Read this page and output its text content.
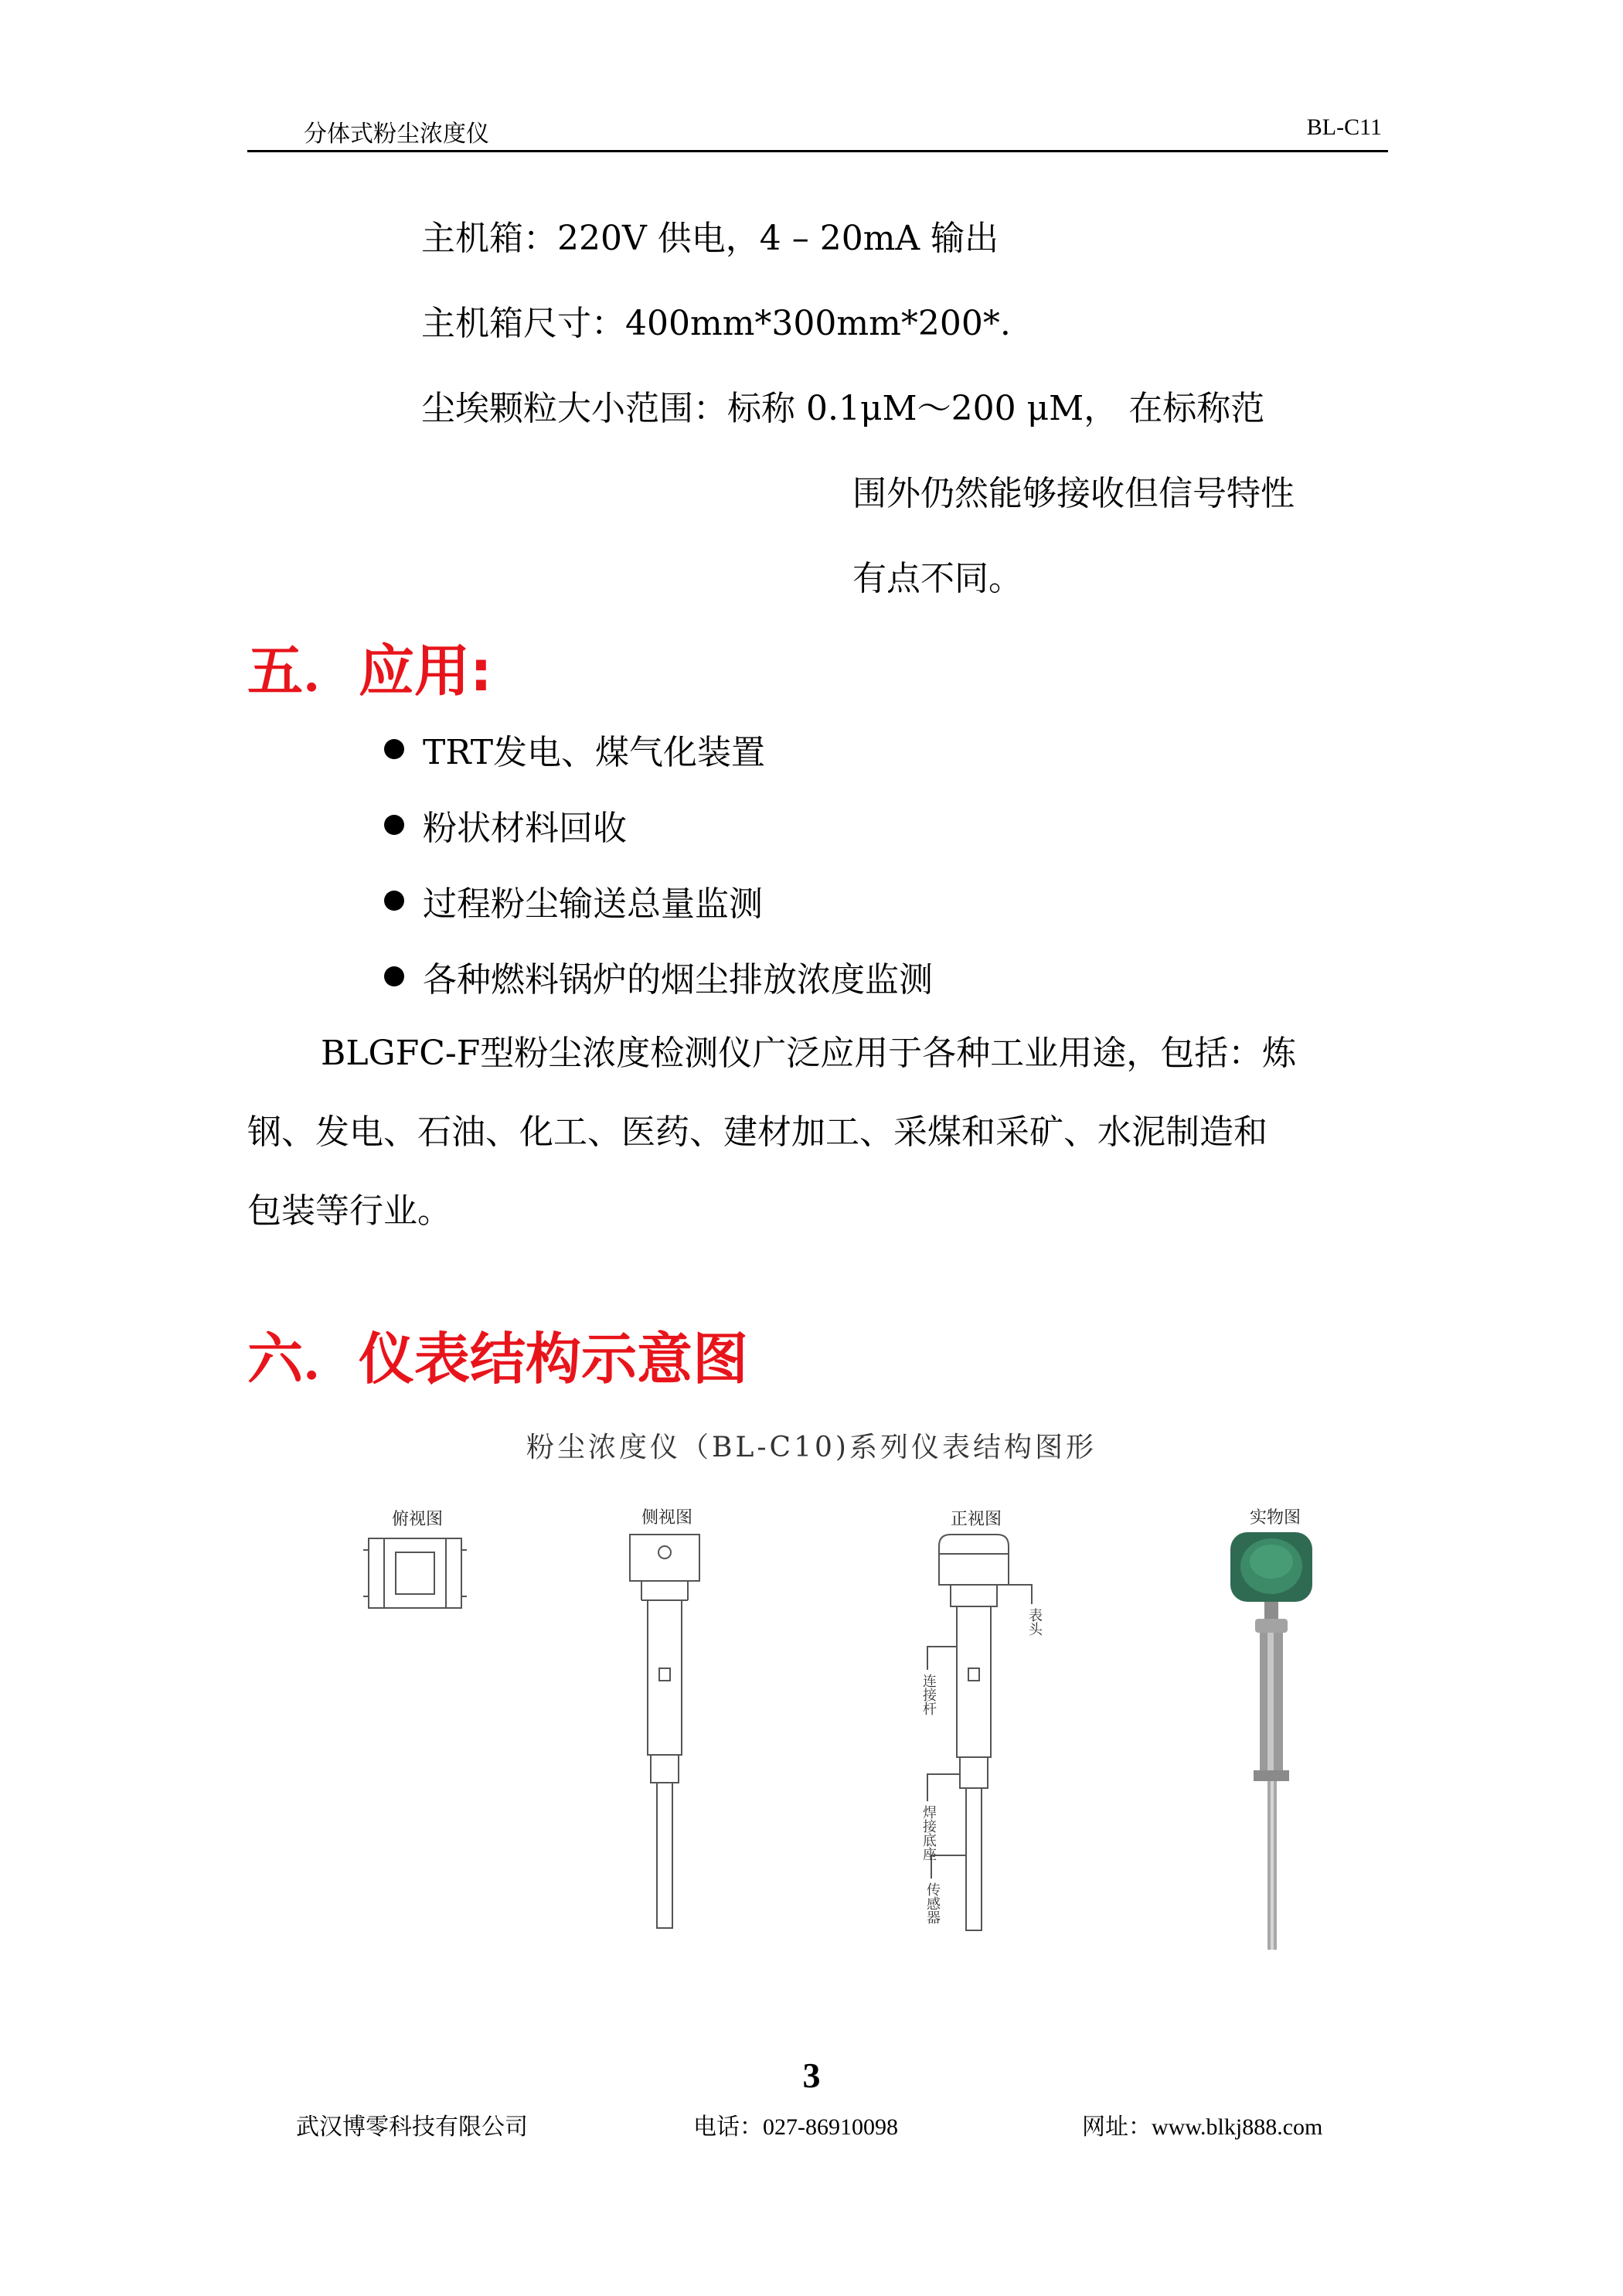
分体式粉尘浓度仪	BL-C11
主机箱：220V 供电，4 – 20mA 输出
主机箱尺寸：400mm*300mm*200*.
尘埃颗粒大小范围：标称 0.1μM～200 μM， 在标称范
围外仍然能够接收但信号特性
有点不同。
五．应用:
TRT发电、煤气化装置
粉状材料回收
过程粉尘输送总量监测
各种燃料锅炉的烟尘排放浓度监测
BLGFC-F型粉尘浓度检测仪广泛应用于各种工业用途，包括：炼
钢、发电、石油、化工、医药、建材加工、采煤和采矿、水泥制造和
包装等行业。
六．仪表结构示意图
粉尘浓度仪（BL-C10)系列仪表结构图形
俯视图	侧视图	正视图	实物图
表头
连接杆
焊接底座
传感器
3
武汉博零科技有限公司	电话：027-86910098	网址：www.blkj888.com
